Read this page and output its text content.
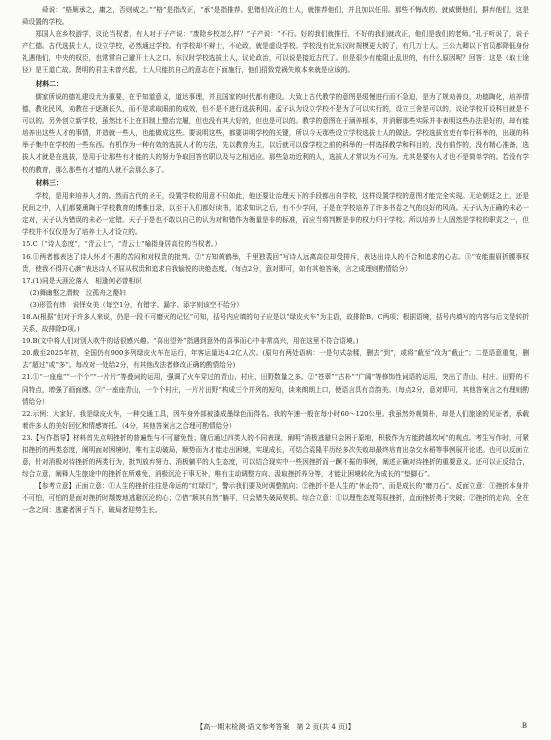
　舜说：“格厕承之，庸之，否则威之。”“格”是指改正，“承”是指推荐。犯错但改正的士人，就推荐他们，并且加以任用。那些不悔改的，就威慑他们，摒弃他们，这是舜设置的学校。

郑国人在乡校游学，议论当权者，有人对于子产说：“废除乡校怎么样？”子产说：“不行。好的我们就推行，不好的我们就改正，他们是我们的老师。”孔子听说了，说子产仁德。古代选拔士人，设立学校，必然通过学校。有学校却不辩士，不论政，就是虚设学校。学校没有比东汉时规模更大的了，有几万士人。三公九卿以下官员都降低身份礼遇他们，中央的权臣，也常常自己避开士人之口。东汉时学校选拔士人，议论政治，可以说是接近古代了。但是很少有能阻止乱世的，有什么原因呢？回答：这是（取士途径）是王道亡故。贤明的君主未曾兴起，士人只能抗自己的意志在下面施行，他们招致党祸失败本来就是应该的。

材料二：

儒家所说的德礼建设尤为重要，在乎知道意义，道达事理，并且国家的时代都有建设。大致上古代教学的意图是缓慢进行而不急迫，是为了规劝善良，功德陶化，培养情德，教化民风，劝教在于逐渐长久，而不是求取眼前的成效，但不是不进行选拔利用。孟子认为设立学校不是为了可以实行的，设立三舍是可以的，议论学校开设科目就是不可以的。另外创立新学校，虽然比不上在旧制上整治完履，但也没有其大好的，但也是可以的。教学的意图在于涵养根本，并消解那些实际并非表明这些办法是好的，却有能培养出这些人才的事情，并造就一些人，也能做成这些。要说明这些，都要讲明学校的关键，所以今天那些设立学校选拔士人的做法。学校选拔官吏有奉行科举的，出现的科举子集中在学校的一些东西。有机作为一种有效的选拔人才的方法，先以教育为主，以后就可以像学校之前的科举的一样选择教学和科目的，没有前作的，没有精心准备，选拔人才就是在选拔，是用于让那些有才能的人的努力争取回答官职以及与之相适应。那些急功近利的人，选拔人才常以为不可为。尤其是要有人才也不是简单学的。若没有学校的教育，那么那些有才德的人就不会那么多了。

材料三：

学校，是用来培养人才的。然而古代的圣王，设置学校的用意不只如此，他还要让治理天下的手段都出自学校，这样设置学校的意图才能完全实现。无论朝廷之上，还是民间之中，人们都要熏陶于学校教育的博雅目录，以至于人们都好读书，追求知识之后，有不少学问，于是在学校培养了许多书卷之气的良好的风尚。天子认为正确的未必一定对，天子认为错误的未必一定错。天子于是也不敢以自己的认为对和错作为衡量是非的标准，而应当将判断是非的权力归于学校。所以培养士人固然是学校的职责之一，但学校并不仅仅是为了培养士人才设立的。

15.C（“诗人态度”，“青云士”，“青云士”喻指身居高位的当权者。）

16.①两者都表达了诗人怀才不遇的苦闷和对权贵的批判。②“方知黄鹤举，千里独裴回”写诗人远离高位却受排斥，表达出诗人的不合和追求的心志。③“安能摧眉折腰事权贵，使我不得开心颜”表达诗人不屈从权贵和追求自我愉悦的决绝态度。（每点2分，意对即可，如有其他答案，言之成理则酌情给分）

17.(1)同是天涯沦落人　相逢何必曾相识

(2)舞幽壑之潜蛟　泣孤舟之嫠妇

(3)形管有炜　说怿女美（每空1分，有错字、漏字、添字则该空不给分）

18.A(根据“但对于许多人来说，仍是一段不可磨灭的记忆”可知，括号内应填的句子应是以“绿皮火车”为主语，故排除B、C两项；根据语境，括号内填写的内容与后文是转折关系，故排除D项。)

19.B(文中将人们对别人吹牛的话很感兴趣。“喜出望外”指遇到意外的喜事而心中非常高兴，用在这里不符合语境。)

20.截至2025年初，全国仍有900多列绿皮火车在运行，年客运量达4.2亿人次。(原句有两处语病：一是句式杂糅，删去“到”，或将“截至”改为“截止”；二是语意重复，删去“超过”或“多”。每改对一处给2分，有其他改法者修改正确的酌情给分)

21.①“一座座”“一个个”“一片片”等叠词的运用，强调了火车穿过的青山、村庄、田野数量之多。②“苍翠”“古朴”“广阔”等修饰性词语的运用，突出了青山、村庄、田野的不同特点，增强了画面感。③“一座座青山，一个个村庄，一片片田野”构成三个并列的短句，读来朗朗上口，使语言具有音韵美。（每点2分，意对即可，其他答案言之有理则酌情给分）

22.示例：大家好，我是绿皮火车，一种交通工具，因车身外部被漆成墨绿色而得名。我的车速一般在每小时60～120公里。我虽然外观简朴，却是人们旅途的见证者，承载着许多人的美好回忆和情感寄托。（4分，其他答案言之合理可酌情给分）

23.【写作指导】材料首先点明挫折的普遍性与不可避免性；随后通过四类人的不同表现，阐明“消极逃避只会困于原地，积极作为方能跨越坎坷”的观点。考生写作时，可紧扣挫折的两类态度，阐明面对困境时，唯有主动破局，顺势而为才能走出困境，实现成长，可结合袁隆平历经多次失败却最终培育出杂交水稻等事例展开论述。也可以反面立意，针对消极对待挫折的两类行为，批判放弃努力、消极躺平的人生态度，可以结合现实中一些因挫折而一蹶不振的事例，阐述正确对待挫折的重要意义。还可以正反结合，综合立意，阐释人生旅途中的挫折在所难免，消极沉沦于事无补，唯有主动调整方向、汲取挫折养分等，才能让困境转化为成长的“垫脚石”。

【参考立意】正面立意：①人生的挫折往往是命运的“红绿灯”，警示我们要及时调整航向；②挫折不是人生的“休止符”，而是成长的“磨刀石”。反面立意：①挫折本身并不可怕，可怕的是面对挫折时颓废地逃避沉沦的心；②借“顺其自然”躺平，只会错失破局契机。综合立意：①以理性态度驾驭挫折，直面挫折勇于突破；②挫折的走向，全在一念之间：逃避者困于当下，破局者迎势生长。

【高一期末检测·语文参考答案　第 2 页(共 4 页)】	B
